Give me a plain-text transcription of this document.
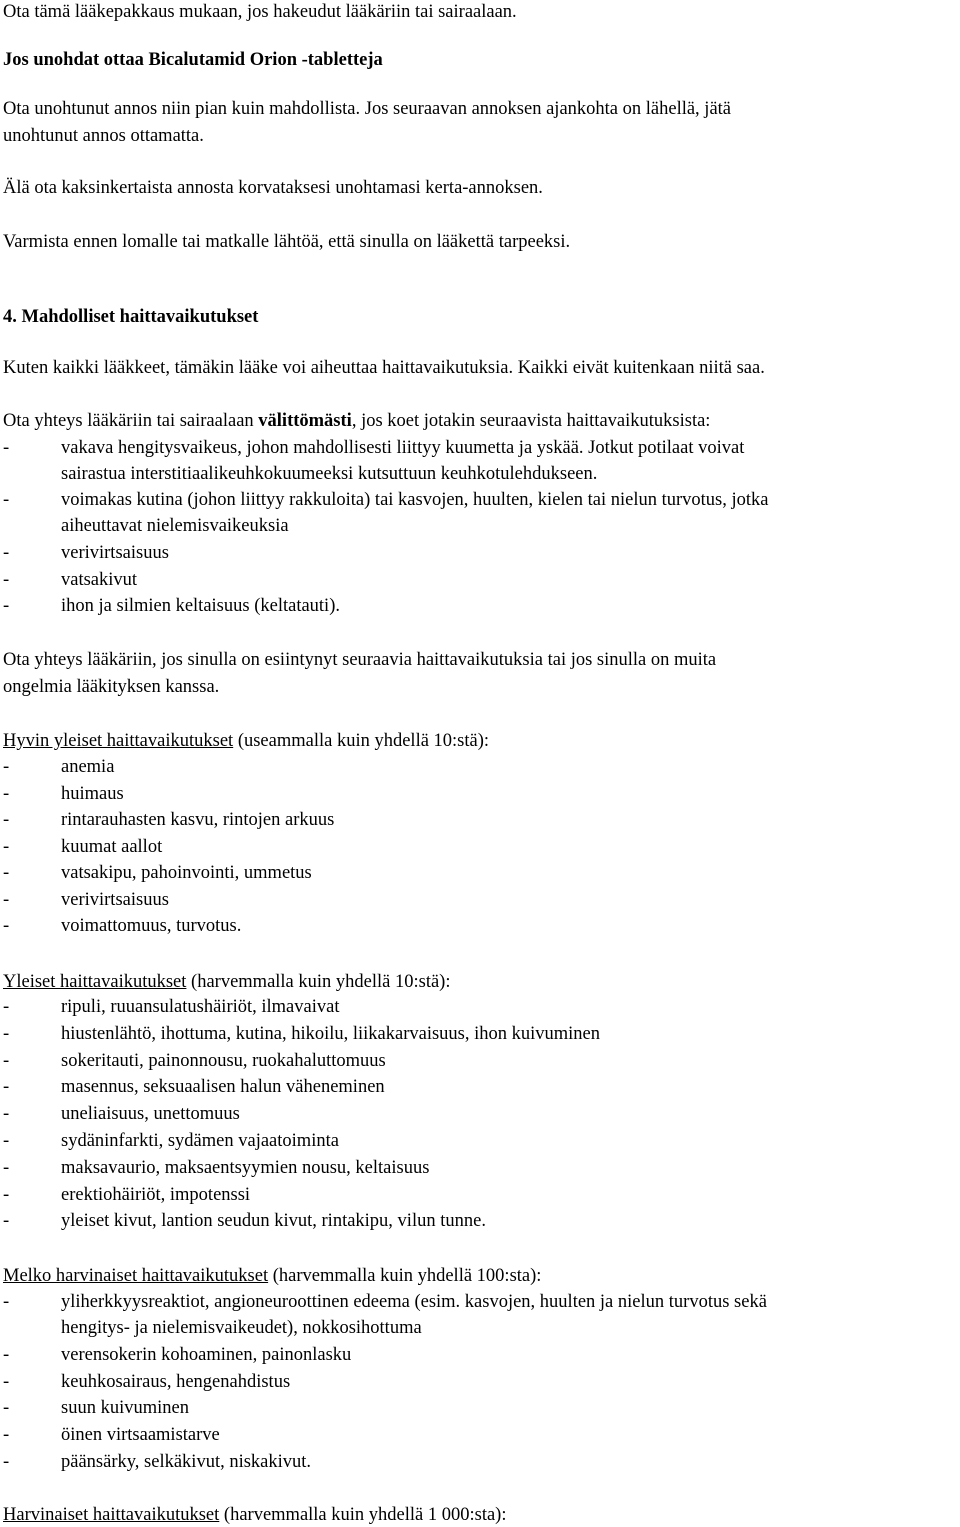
Ota tämä lääkepakkaus mukaan, jos hakeudut lääkäriin tai sairaalaan.
Jos unohdat ottaa Bicalutamid Orion -tabletteja
Ota unohtunut annos niin pian kuin mahdollista. Jos seuraavan annoksen ajankohta on lähellä, jätä
unohtunut annos ottamatta.
Älä ota kaksinkertaista annosta korvataksesi unohtamasi kerta-annoksen.
Varmista ennen lomalle tai matkalle lähtöä, että sinulla on lääkettä tarpeeksi.
4. Mahdolliset haittavaikutukset
Kuten kaikki lääkkeet, tämäkin lääke voi aiheuttaa haittavaikutuksia. Kaikki eivät kuitenkaan niitä saa.
Ota yhteys lääkäriin tai sairaalaan välittömästi, jos koet jotakin seuraavista haittavaikutuksista:
-	vakava hengitysvaikeus, johon mahdollisesti liittyy kuumetta ja yskää. Jotkut potilaat voivat
sairastua interstitiaalikeuhkokuumeeksi kutsuttuun keuhkotulehdukseen.
-	voimakas kutina (johon liittyy rakkuloita) tai kasvojen, huulten, kielen tai nielun turvotus, jotka
aiheuttavat nielemisvaikeuksia
-	verivirtsaisuus
-	vatsakivut
-	ihon ja silmien keltaisuus (keltatauti).
Ota yhteys lääkäriin, jos sinulla on esiintynyt seuraavia haittavaikutuksia tai jos sinulla on muita
ongelmia lääkityksen kanssa.
Hyvin yleiset haittavaikutukset (useammalla kuin yhdellä 10:stä):
-	anemia
-	huimaus
-	rintarauhasten kasvu, rintojen arkuus
-	kuumat aallot
-	vatsakipu, pahoinvointi, ummetus
-	verivirtsaisuus
-	voimattomuus, turvotus.
Yleiset haittavaikutukset (harvemmalla kuin yhdellä 10:stä):
-	ripuli, ruuansulatushäiriöt, ilmavaivat
-	hiustenlähtö, ihottuma, kutina, hikoilu, liikakarvaisuus, ihon kuivuminen
-	sokeritauti, painonnousu, ruokahaluttomuus
-	masennus, seksuaalisen halun väheneminen
-	uneliaisuus, unettomuus
-	sydäninfarkti, sydämen vajaatoiminta
-	maksavaurio, maksaentsyymien nousu, keltaisuus
-	erektiohäiriöt, impotenssi
-	yleiset kivut, lantion seudun kivut, rintakipu, vilun tunne.
Melko harvinaiset haittavaikutukset (harvemmalla kuin yhdellä 100:sta):
-	yliherkkyysreaktiot, angioneuroottinen edeema (esim. kasvojen, huulten ja nielun turvotus sekä
hengitys- ja nielemisvaikeudet), nokkosihottuma
-	verensokerin kohoaminen, painonlasku
-	keuhkosairaus, hengenahdistus
-	suun kuivuminen
-	öinen virtsaamistarve
-	päänsärky, selkäkivut, niskakivut.
Harvinaiset haittavaikutukset (harvemmalla kuin yhdellä 1 000:sta):
